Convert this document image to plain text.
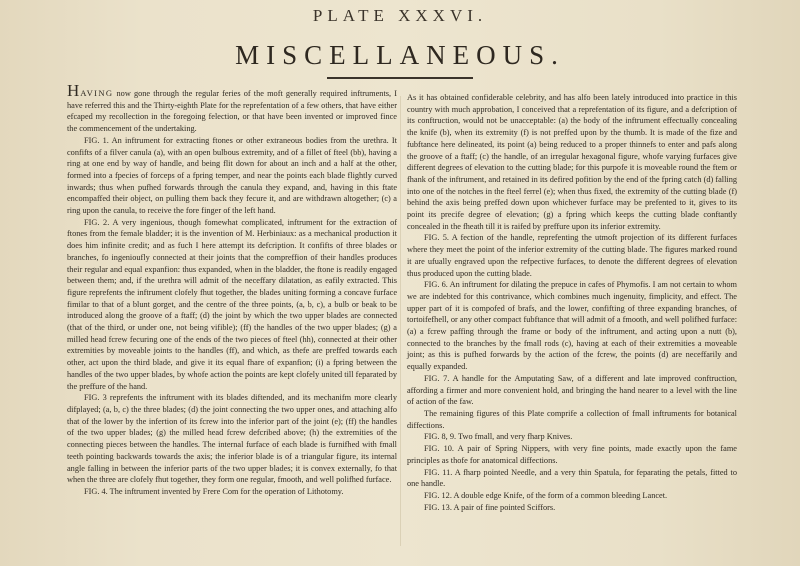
PLATE XXXVI.
MISCELLANEOUS.

HAVING now gone through the regular feries of the moft generally required inftruments, I have referred this and the Thirty-eighth Plate for the reprefentation of a few others, that have either efcaped my recollection in the foregoing felection, or that have been invented or improved fince the commencement of the undertaking.

FIG. 1. An inftrument for extracting ftones or other extraneous bodies from the urethra. It confifts of a filver canula (a), with an open bulbous extremity, and of a fillet of fteel (bb), having a ring at one end by way of handle, and being flit down for about an inch and a half at the other, formed into a fpecies of forceps of a fpring temper, and near the points each blade flightly curved inwards; thus when pufhed forwards through the canula they expand, and, having in this ftate encompaffed their object, on pulling them back they fecure it, and are withdrawn altogether; (c) a ring upon the canula, to receive the fore finger of the left hand.

FIG. 2. A very ingenious, though fomewhat complicated, inftrument for the extraction of ftones from the female bladder; it is the invention of M. Herbiniaux: as a mechanical production it does him infinite credit; and as fuch I here attempt its defcription. It confifts of three blades or branches, fo ingenioufly connected at their joints that the compreffion of their handles produces their regular and equal expanfion: thus expanded, when in the bladder, the ftone is readily engaged between them; and, if the urethra will admit of the neceffary dilatation, as eafily extracted. This figure reprefents the inftrument clofely fhut together, the blades uniting forming a concave furface fimilar to that of a blunt gorget, and the centre of the three points, (a, b, c), a bulb or beak to be introduced along the groove of a ftaff; (d) the joint by which the two upper blades are connected (that of the third, or under one, not being vifible); (ff) the handles of the two upper blades; (g) a milled head fcrew fecuring one of the ends of the two pieces of fteel (hh), connected at their other extremities by moveable joints to the handles (ff), and which, as thefe are preffed towards each other, act upon the third blade, and give it its equal fhare of expanfion; (i) a fpring between the handles of the two upper blades, by whofe action the points are kept clofely united till feparated by the preffure of the hand.

FIG. 3 reprefents the inftrument with its blades diftended, and its mechanifm more clearly difplayed; (a, b, c) the three blades; (d) the joint connecting the two upper ones, and attaching alfo that of the lower by the infertion of its fcrew into the inferior part of the joint (e); (ff) the handles of the two upper blades; (g) the milled head fcrew defcribed above; (h) the extremities of the connecting pieces between the handles. The internal furface of each blade is furnifhed with fmall teeth pointing backwards towards the axis; the inferior blade is of a triangular figure, its internal angle falling in between the inferior parts of the two upper blades; it is convex externally, fo that when the three are clofely fhut together, they form one regular, fmooth, and well polifhed furface.

FIG. 4. The inftrument invented by Frere Com for the operation of Lithotomy.

As it has obtained confiderable celebrity, and has alfo been lately introduced into practice in this country with much approbation, I conceived that a reprefentation of its figure, and a defcription of its conftruction, would not be unacceptable: (a) the body of the inftrument effectually concealing the knife (b), when its extremity (f) is not preffed upon by the thumb. It is made of the fize and fubftance here delineated, its point (a) being reduced to a proper thinnefs to enter and pafs along the groove of a ftaff; (c) the handle, of an irregular hexagonal figure, whofe varying furfaces give different degrees of elevation to the cutting blade; for this purpofe it is moveable round the ftem or fhank of the inftrument, and retained in its defired pofition by the end of the fpring catch (d) falling into one of the notches in the fteel ferrel (e); when thus fixed, the extremity of the cutting blade (f) behind the axis being preffed down upon whichever furface may be prefented to it, gives to its point its precife degree of elevation; (g) a fpring which keeps the cutting blade conftantly concealed in the fheath till it is raifed by preffure upon its inferior extremity.

FIG. 5. A fection of the handle, reprefenting the utmoft projection of its different furfaces where they meet the point of the inferior extremity of the cutting blade. The figures marked round it are ufually engraved upon the refpective furfaces, to denote the different degrees of elevation thus produced upon the cutting blade.

FIG. 6. An inftrument for dilating the prepuce in cafes of Phymofis. I am not certain to whom we are indebted for this contrivance, which combines much ingenuity, fimplicity, and effect. The upper part of it is compofed of brafs, and the lower, confifting of three expanding branches, of tortoifefhell, or any other compact fubftance that will admit of a fmooth, and well polifhed furface: (a) a fcrew paffing through the frame or body of the inftrument, and acting upon a nutt (b), connected to the branches by the fmall rods (c), having at each of their extremities a moveable joint; as this is pufhed forwards by the action of the fcrew, the points (d) are neceffarily and equally expanded.

FIG. 7. A handle for the Amputating Saw, of a different and late improved conftruction, affording a firmer and more convenient hold, and bringing the hand nearer to a level with the line of action of the faw.

The remaining figures of this Plate comprife a collection of fmall inftruments for botanical diffections.

FIG. 8, 9. Two fmall, and very fharp Knives.

FIG. 10. A pair of Spring Nippers, with very fine points, made exactly upon the fame principles as thofe for anatomical diffections.

FIG. 11. A fharp pointed Needle, and a very thin Spatula, for feparating the petals, fitted to one handle.

FIG. 12. A double edge Knife, of the form of a common bleeding Lancet.

FIG. 13. A pair of fine pointed Sciffors.
